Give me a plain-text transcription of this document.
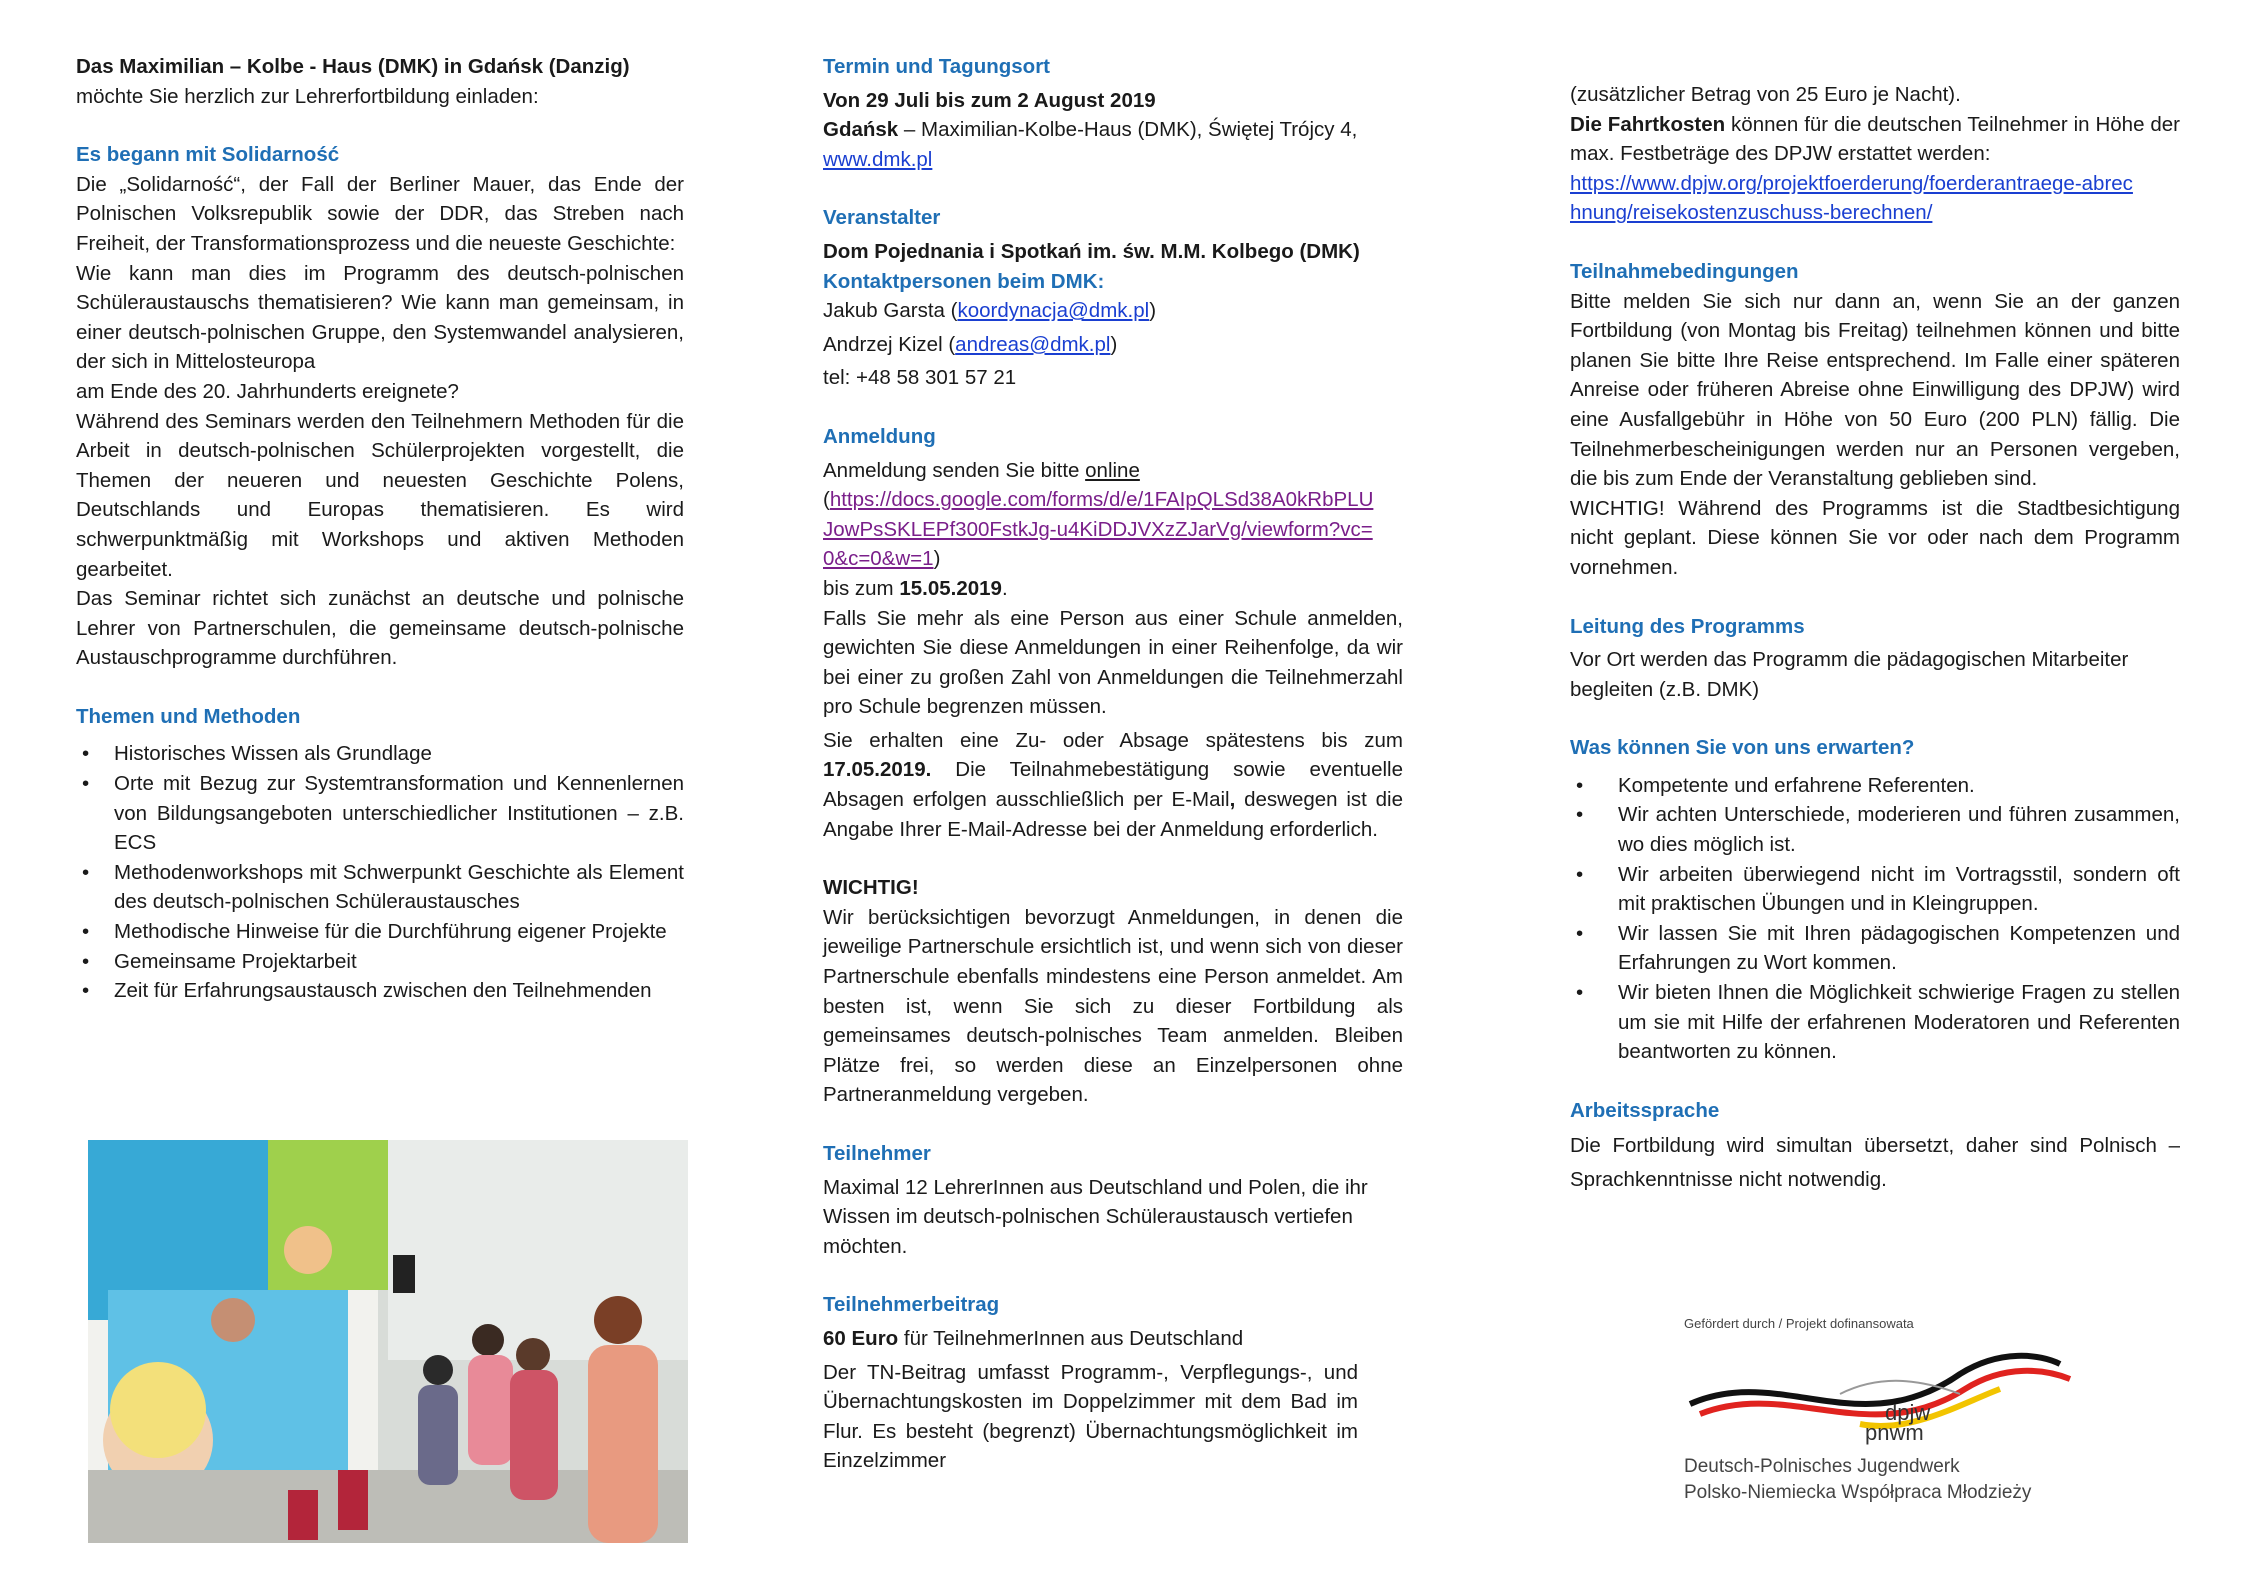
Das Maximilian – Kolbe - Haus (DMK) in Gdańsk (Danzig)

möchte Sie herzlich zur Lehrerfortbildung einladen:

Es begann mit Solidarność

Die „Solidarność“, der Fall der Berliner Mauer, das Ende der Polnischen Volksrepublik sowie der DDR, das Streben nach Freiheit, der Transformationsprozess und die neueste Geschichte:

Wie kann man dies im Programm des deutsch-polnischen Schüleraustauschs thematisieren? Wie kann man gemeinsam, in einer deutsch-polnischen Gruppe, den Systemwandel analysieren, der sich in Mittelosteuropa

am Ende des 20. Jahrhunderts ereignete?

Während des Seminars werden den Teilnehmern Methoden für die Arbeit in deutsch-polnischen Schülerprojekten vorgestellt, die Themen der neueren und neuesten Geschichte Polens, Deutschlands und Europas thematisieren. Es wird schwerpunktmäßig mit Workshops und aktiven Methoden gearbeitet.

Das Seminar richtet sich zunächst an deutsche und polnische Lehrer von Partnerschulen, die gemeinsame deutsch-polnische Austauschprogramme durchführen.

Themen und Methoden
• Historisches Wissen als Grundlage
• Orte mit Bezug zur Systemtransformation und Kennenlernen von Bildungsangeboten unterschiedlicher Institutionen – z.B. ECS
• Methodenworkshops mit Schwerpunkt Geschichte als Element des deutsch-polnischen Schüleraustausches
• Methodische Hinweise für die Durchführung eigener Projekte
• Gemeinsame Projektarbeit
• Zeit für Erfahrungsaustausch zwischen den Teilnehmenden
Termin und Tagungsort

Von 29 Juli bis zum 2 August 2019

Gdańsk – Maximilian-Kolbe-Haus (DMK), Świętej Trójcy 4,

www.dmk.pl

Veranstalter

Dom Pojednania i Spotkań im. św. M.M. Kolbego (DMK)

Kontaktpersonen beim DMK:

Jakub Garsta (koordynacja@dmk.pl)

Andrzej Kizel (andreas@dmk.pl)

tel: +48 58 301 57 21

Anmeldung

Anmeldung senden Sie bitte online

(https://docs.google.com/forms/d/e/1FAIpQLSd38A0kRbPLUJowPsSKLEPf300FstkJg-u4KiDDJVXzZJarVg/viewform?vc=0&c=0&w=1)

bis zum 15.05.2019.

Falls Sie mehr als eine Person aus einer Schule anmelden, gewichten Sie diese Anmeldungen in einer Reihenfolge, da wir bei einer zu großen Zahl von Anmeldungen die Teilnehmerzahl pro Schule begrenzen müssen.

Sie erhalten eine Zu- oder Absage spätestens bis zum 17.05.2019. Die Teilnahmebestätigung sowie eventuelle Absagen erfolgen ausschließlich per E-Mail, deswegen ist die Angabe Ihrer E-Mail-Adresse bei der Anmeldung erforderlich.

WICHTIG!

Wir berücksichtigen bevorzugt Anmeldungen, in denen die jeweilige Partnerschule ersichtlich ist, und wenn sich von dieser Partnerschule ebenfalls mindestens eine Person anmeldet. Am besten ist, wenn Sie sich zu dieser Fortbildung als gemeinsames deutsch-polnisches Team anmelden. Bleiben Plätze frei, so werden diese an Einzelpersonen ohne Partneranmeldung vergeben.

Teilnehmer

Maximal 12 LehrerInnen aus Deutschland und Polen, die ihr Wissen im deutsch-polnischen Schüleraustausch vertiefen möchten.

Teilnehmerbeitrag

60 Euro für TeilnehmerInnen aus Deutschland

Der TN-Beitrag umfasst Programm-, Verpflegungs-, und Übernachtungskosten im Doppelzimmer mit dem Bad im Flur. Es besteht (begrenzt) Übernachtungsmöglichkeit im Einzelzimmer

(zusätzlicher Betrag von 25 Euro je Nacht).

Die Fahrtkosten können für die deutschen Teilnehmer in Höhe der max. Festbeträge des DPJW erstattet werden:

https://www.dpjw.org/projektfoerderung/foerderantraege-abrechnung/reisekostenzuschuss-berechnen/

Teilnahmebedingungen

Bitte melden Sie sich nur dann an, wenn Sie an der ganzen Fortbildung (von Montag bis Freitag) teilnehmen können und bitte planen Sie bitte Ihre Reise entsprechend. Im Falle einer späteren Anreise oder früheren Abreise ohne Einwilligung des DPJW) wird eine Ausfallgebühr in Höhe von 50 Euro (200 PLN) fällig. Die Teilnehmerbescheinigungen werden nur an Personen vergeben, die bis zum Ende der Veranstaltung geblieben sind.

WICHTIG! Während des Programms ist die Stadtbesichtigung nicht geplant. Diese können Sie vor oder nach dem Programm vornehmen.

Leitung des Programms

Vor Ort werden das Programm die pädagogischen Mitarbeiter begleiten (z.B. DMK)

Was können Sie von uns erwarten?
• Kompetente und erfahrene Referenten.
• Wir achten Unterschiede, moderieren und führen zusammen, wo dies möglich ist.
• Wir arbeiten überwiegend nicht im Vortragsstil, sondern oft mit praktischen Übungen und in Kleingruppen.
• Wir lassen Sie mit Ihren pädagogischen Kompetenzen und Erfahrungen zu Wort kommen.
• Wir bieten Ihnen die Möglichkeit schwierige Fragen zu stellen um sie mit Hilfe der erfahrenen Moderatoren und Referenten beantworten zu können.
Arbeitssprache

Die Fortbildung wird simultan übersetzt, daher sind Polnisch – Sprachkenntnisse nicht notwendig.

Gefördert durch / Projekt dofinansowata
dpjw
pnwm
Deutsch-Polnisches Jugendwerk
Polsko-Niemiecka Współpraca Młodzieży
